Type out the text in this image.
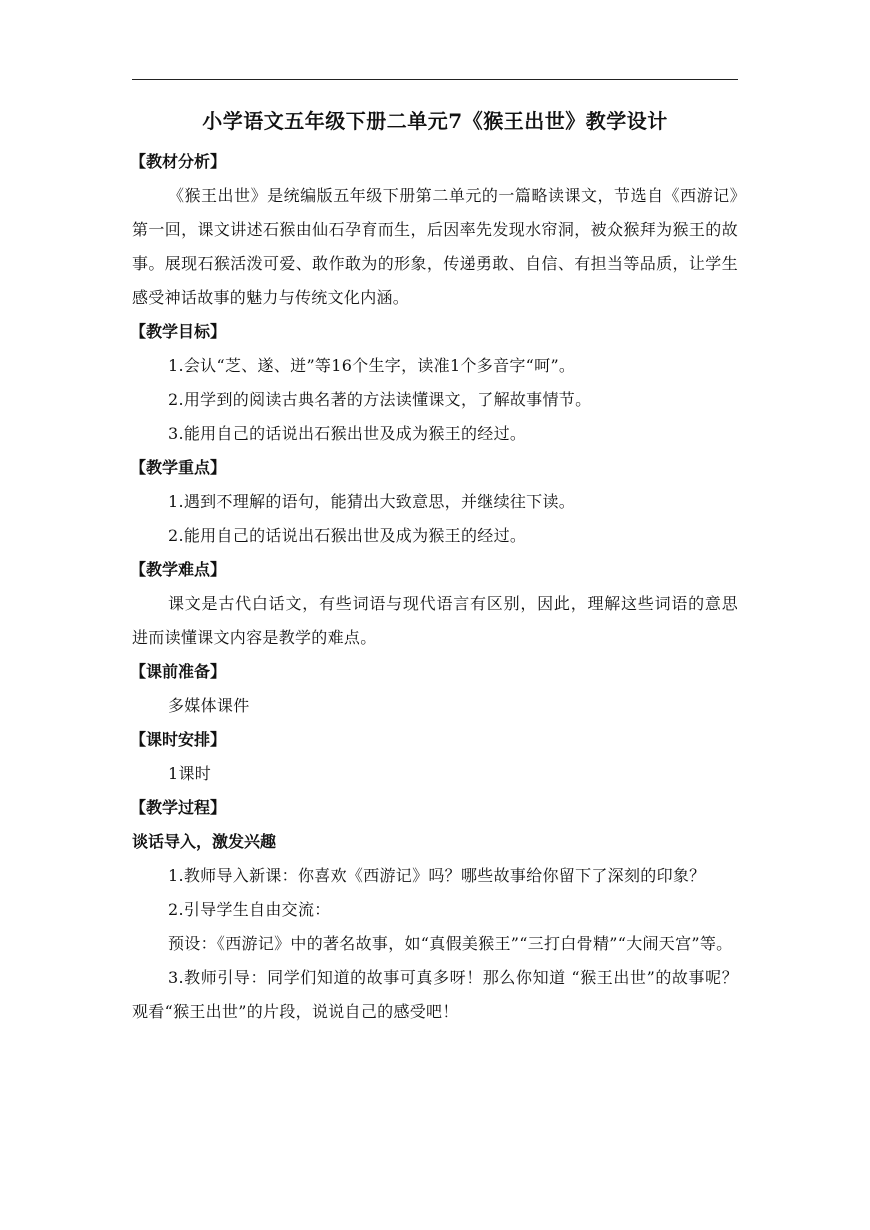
小学语文五年级下册二单元7《猴王出世》教学设计
【教材分析】
《猴王出世》是统编版五年级下册第二单元的一篇略读课文，节选自《西游记》第一回，课文讲述石猴由仙石孕育而生，后因率先发现水帘洞，被众猴拜为猴王的故事。展现石猴活泼可爱、敢作敢为的形象，传递勇敢、自信、有担当等品质，让学生感受神话故事的魅力与传统文化内涵。
【教学目标】
1.会认“芝、遂、迸”等16个生字，读准1个多音字“呵”。
2.用学到的阅读古典名著的方法读懂课文，了解故事情节。
3.能用自己的话说出石猴出世及成为猴王的经过。
【教学重点】
1.遇到不理解的语句，能猜出大致意思，并继续往下读。
2.能用自己的话说出石猴出世及成为猴王的经过。
【教学难点】
课文是古代白话文，有些词语与现代语言有区别，因此，理解这些词语的意思进而读懂课文内容是教学的难点。
【课前准备】
多媒体课件
【课时安排】
1课时
【教学过程】
谈话导入，激发兴趣
1.教师导入新课：你喜欢《西游记》吗？哪些故事给你留下了深刻的印象？
2.引导学生自由交流：
预设：《西游记》中的著名故事，如“真假美猴王”“三打白骨精”“大闹天宫”等。
3.教师引导：同学们知道的故事可真多呀！那么你知道 “猴王出世”的故事呢？观看“猴王出世”的片段，说说自己的感受吧！
